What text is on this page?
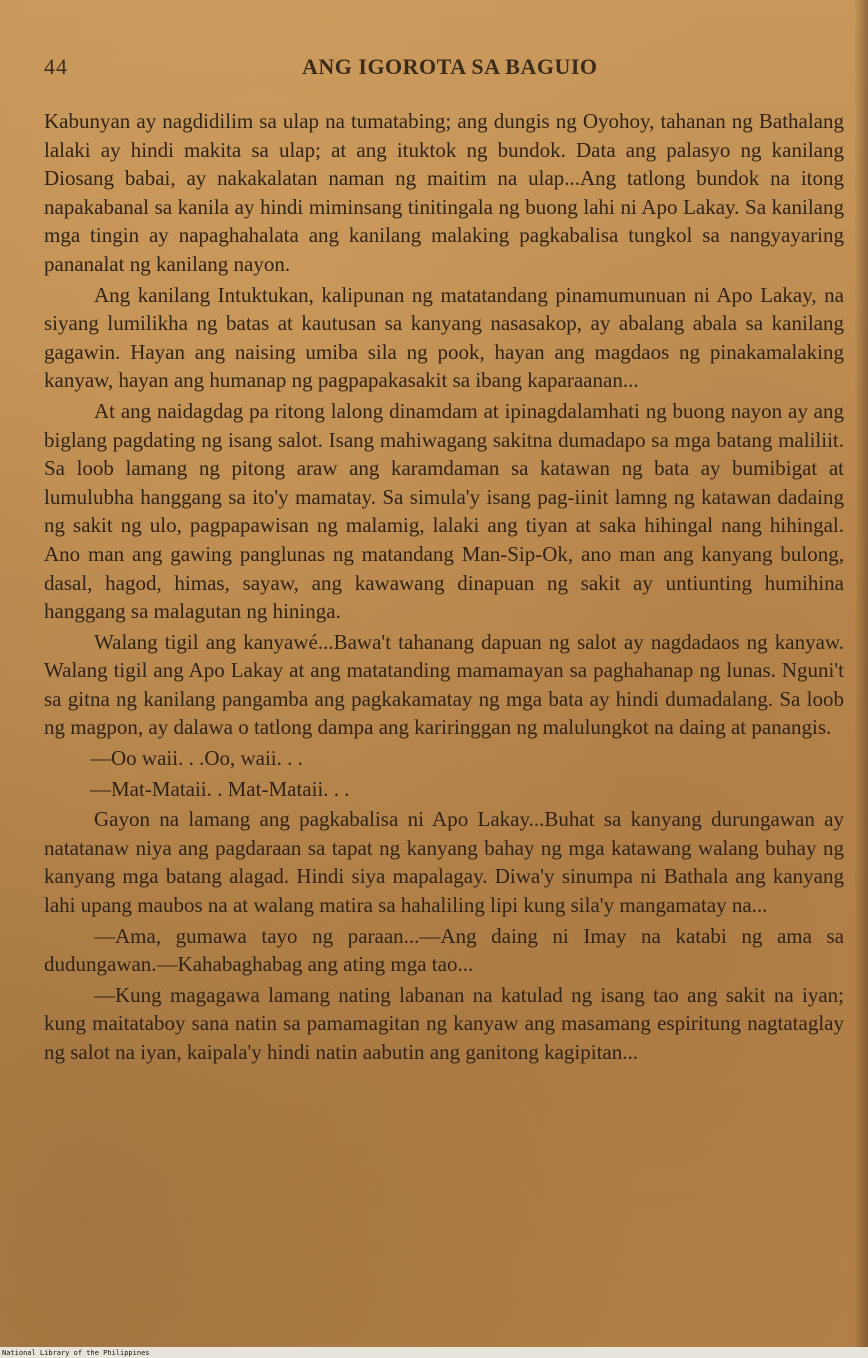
44	ANG IGOROTA SA BAGUIO

Kabunyan ay nagdidilim sa ulap na tumatabing; ang dungis ng Oyohoy, tahanan ng Bathalang lalaki ay hindi makita sa ulap; at ang ituktok ng bundok. Data ang palasyo ng kanilang Diosang babai, ay nakakalatan naman ng maitim na ulap...Ang tatlong bundok na itong napakabanal sa kanila ay hindi miminsang tinitingala ng buong lahi ni Apo Lakay. Sa kanilang mga tingin ay napaghahalata ang kanilang malaking pagkabalisa tungkol sa nangyayaring pananalat ng kanilang nayon.

Ang kanilang Intuktukan, kalipunan ng matatandang pinamumunuan ni Apo Lakay, na siyang lumilikha ng batas at kautusan sa kanyang nasasakop, ay abalang abala sa kanilang gagawin. Hayan ang naising umiba sila ng pook, hayan ang magdaos ng pinakamalaking kanyaw, hayan ang humanap ng pagpapakasakit sa ibang kaparaanan...

At ang naidagdag pa ritong lalong dinamdam at ipinagdalamhati ng buong nayon ay ang biglang pagdating ng isang salot. Isang mahiwagang sakitna dumadapo sa mga batang maliliit. Sa loob lamang ng pitong araw ang karamdaman sa katawan ng bata ay bumibigat at lumulubha hanggang sa ito'y mamatay. Sa simula'y isang pag-iinit lamng ng katawan dadaing ng sakit ng ulo, pagpapawisan ng malamig, lalaki ang tiyan at saka hihingal nang hihingal. Ano man ang gawing panglunas ng matandang Man-Sip-Ok, ano man ang kanyang bulong, dasal, hagod, himas, sayaw, ang kawawang dinapuan ng sakit ay untiunting humihina hanggang sa malagutan ng hininga.

Walang tigil ang kanyawé...Bawa't tahanang dapuan ng salot ay nagdadaos ng kanyaw. Walang tigil ang Apo Lakay at ang matatanding mamamayan sa paghahanap ng lunas. Nguni't sa gitna ng kanilang pangamba ang pagkakamatay ng mga bata ay hindi dumadalang. Sa loob ng magpon, ay dalawa o tatlong dampa ang kariringgan ng malulungkot na daing at panangis.

—Oo waii. . .Oo, waii. . .

—Mat-Mataii. . Mat-Mataii. . .

Gayon na lamang ang pagkabalisa ni Apo Lakay...Buhat sa kanyang durungawan ay natatanaw niya ang pagdaraan sa tapat ng kanyang bahay ng mga katawang walang buhay ng kanyang mga batang alagad. Hindi siya mapalagay. Diwa'y sinumpa ni Bathala ang kanyang lahi upang maubos na at walang matira sa hahaliling lipi kung sila'y mangamatay na...

—Ama, gumawa tayo ng paraan...—Ang daing ni Imay na katabi ng ama sa dudungawan.—Kahabaghabag ang ating mga tao...

—Kung magagawa lamang nating labanan na katulad ng isang tao ang sakit na iyan; kung maitataboy sana natin sa pamamagitan ng kanyaw ang masamang espiritung nagtataglay ng salot na iyan, kaipala'y hindi natin aabutin ang ganitong kagipitan...

National Library of the Philippines
